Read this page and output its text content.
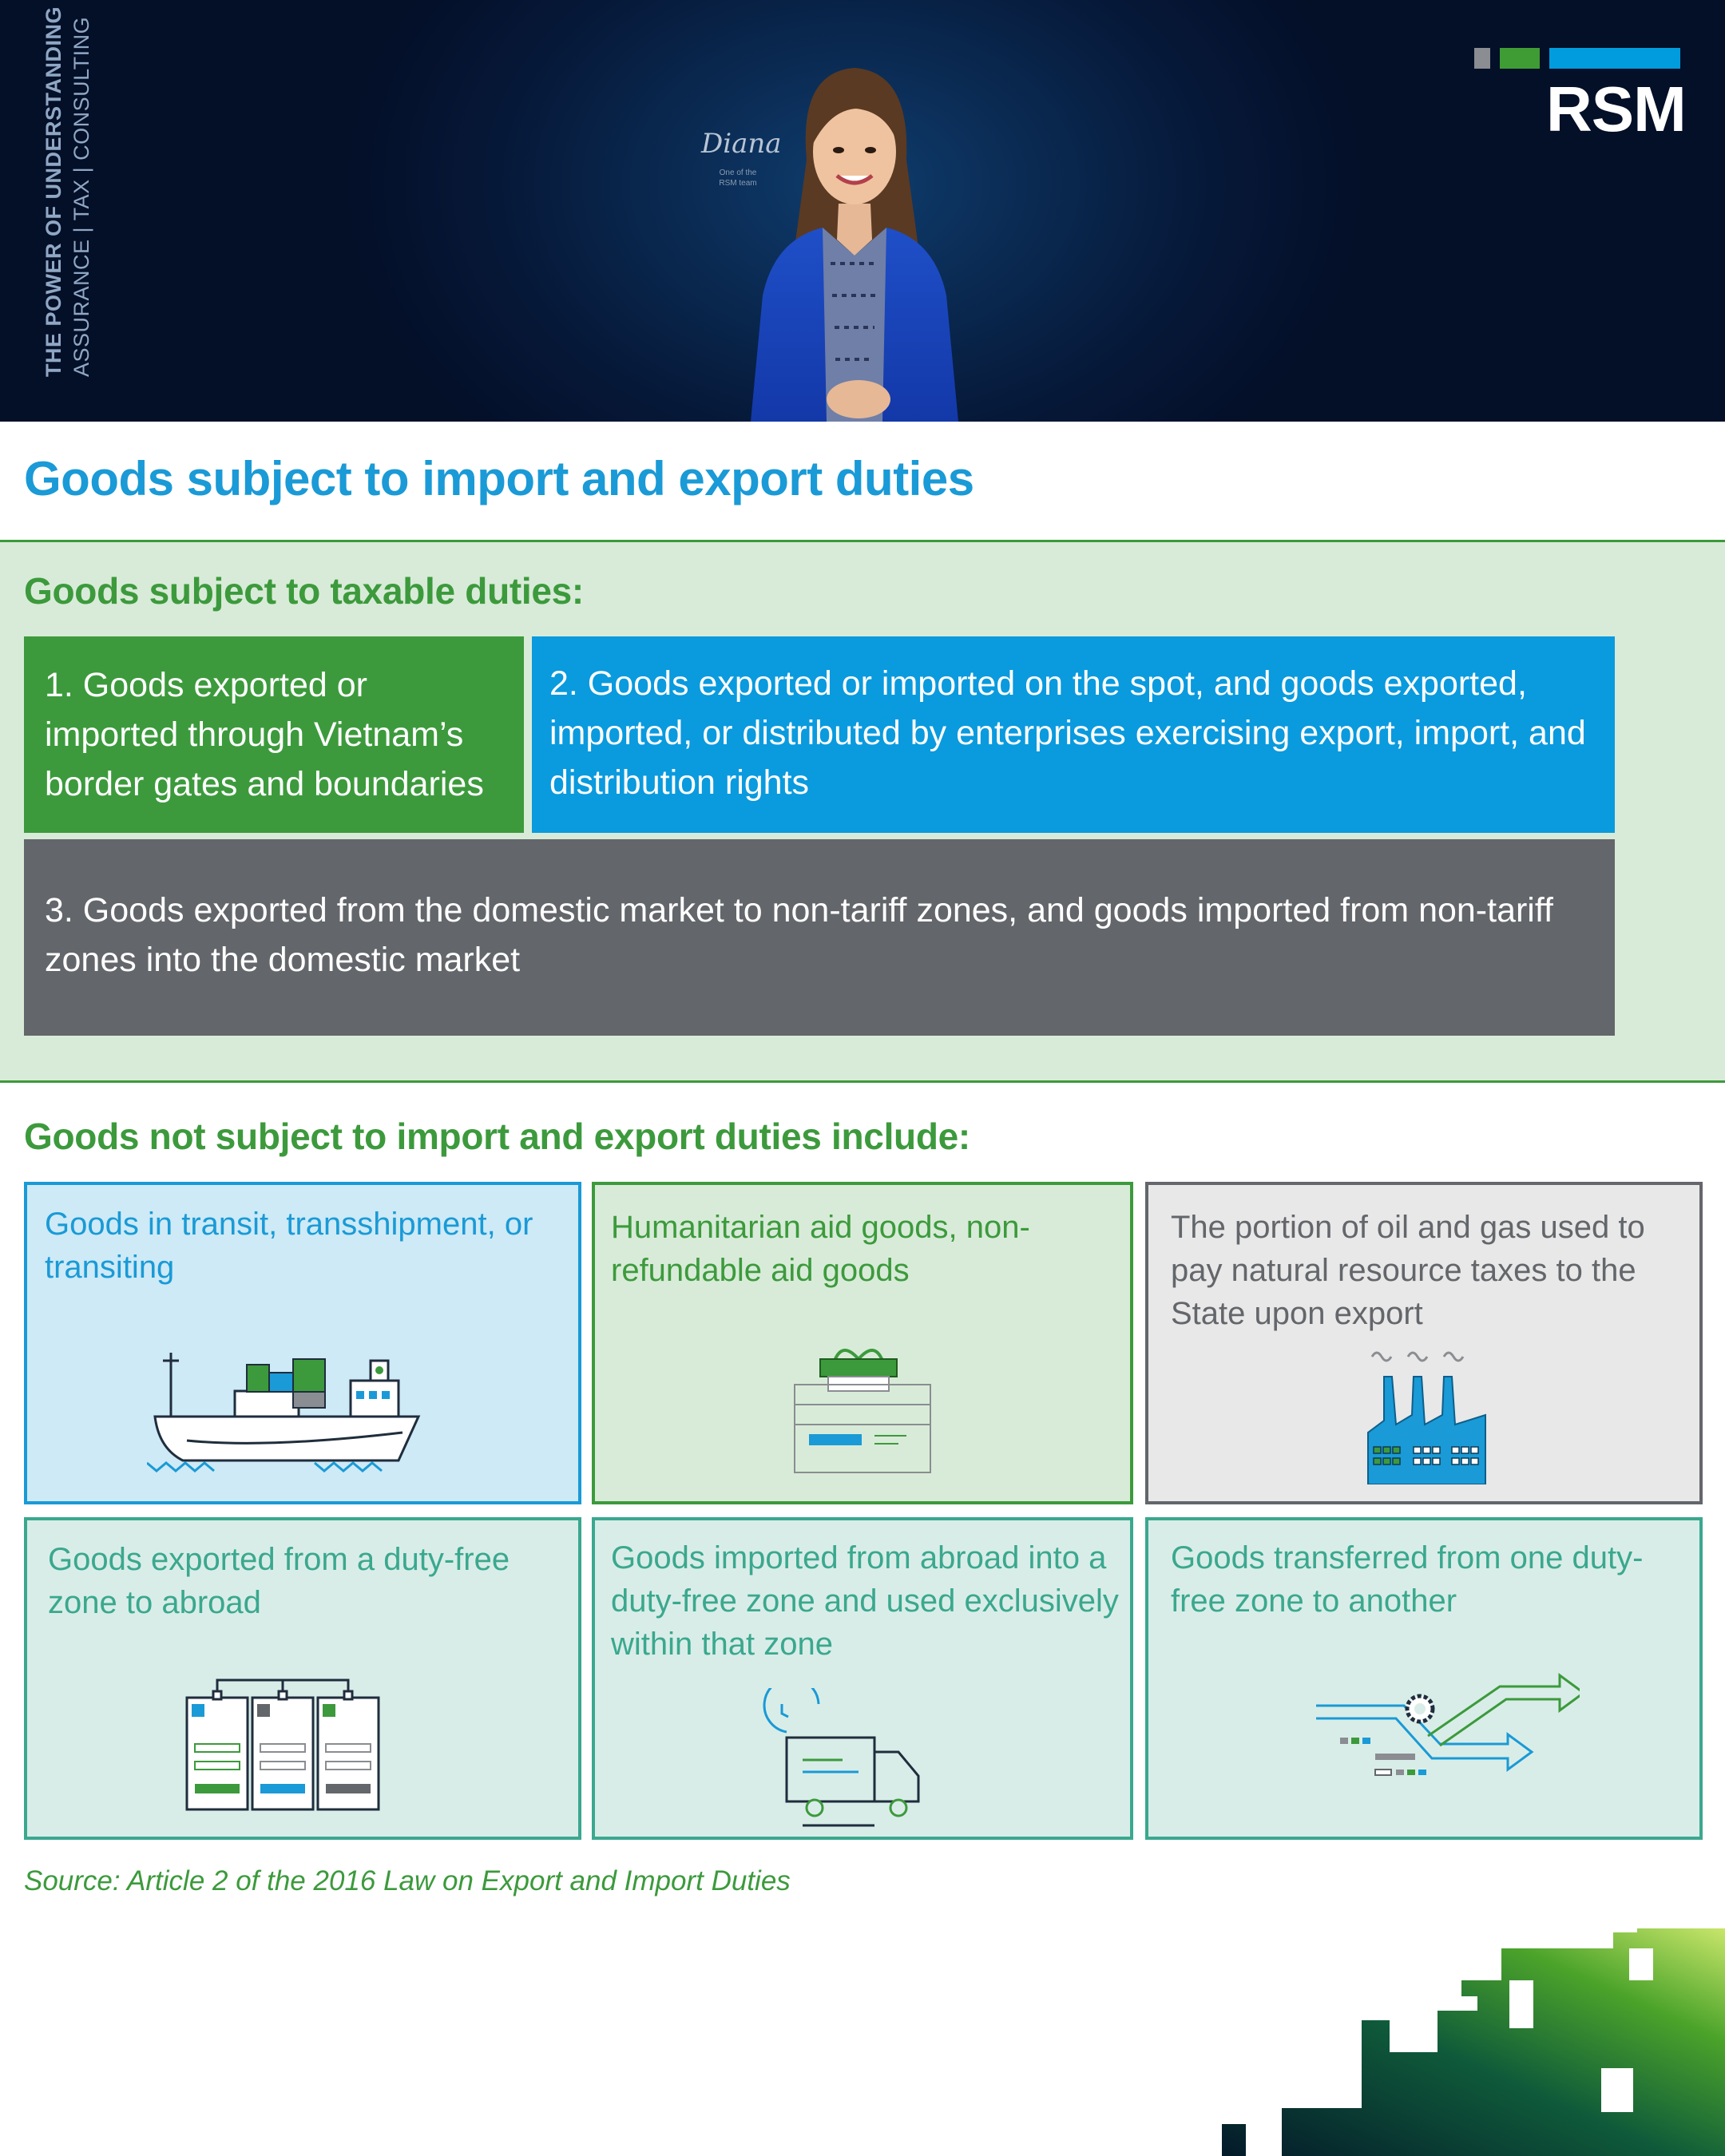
THE POWER OF UNDERSTANDING ASSURANCE | TAX | CONSULTING	Diana
One of the RSM team
RSM
Goods subject to import and export duties
Goods subject to taxable duties:
1. Goods exported or imported through Vietnam’s border gates and boundaries
2. Goods exported or imported on the spot, and goods exported, imported, or distributed by enterprises exercising export, import, and distribution rights
3. Goods exported from the domestic market to non-tariff zones, and goods imported from non-tariff zones into the domestic market
Goods not subject to import and export duties include:
Goods in transit, transshipment, or transiting
Humanitarian aid goods, non-refundable aid goods
The portion of oil and gas used to pay natural resource taxes to the State upon export
Goods exported from a duty-free zone to abroad
Goods imported from abroad into a duty-free zone and used exclusively within that zone
Goods transferred from one duty-free zone to another
Source: Article 2 of the 2016 Law on Export and Import Duties
